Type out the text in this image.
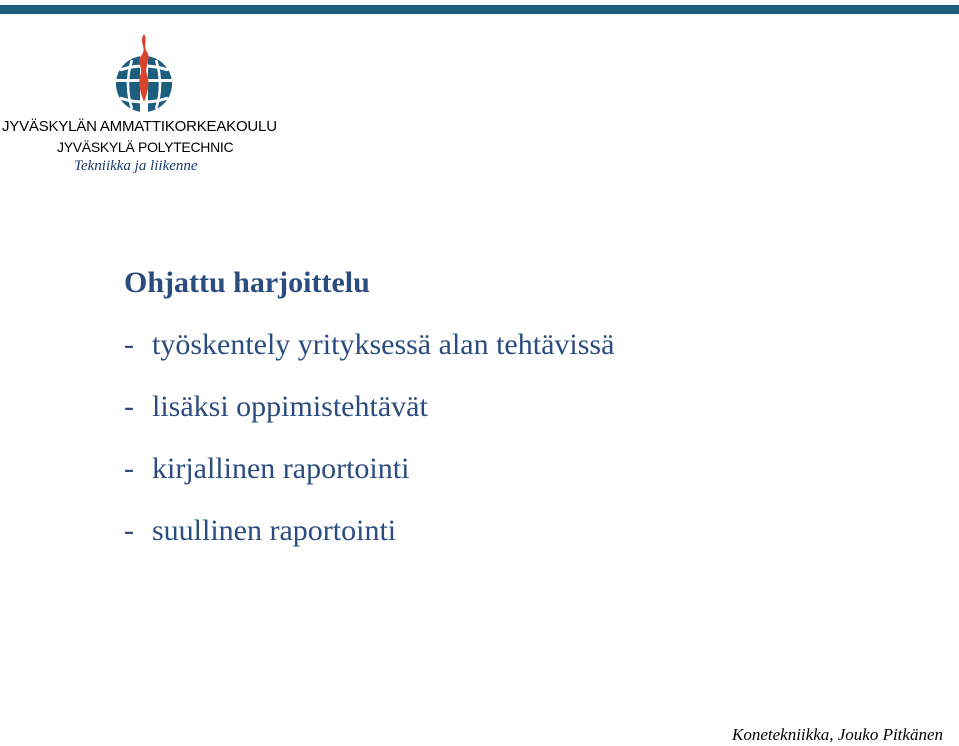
JYVÄSKYLÄN AMMATTIKORKEAKOULU
JYVÄSKYLÄ POLYTECHNIC
Tekniikka ja liikenne
Ohjattu harjoittelu
- työskentely yrityksessä alan tehtävissä
- lisäksi oppimistehtävät
- kirjallinen raportointi
- suullinen raportointi
Konetekniikka, Jouko Pitkänen
